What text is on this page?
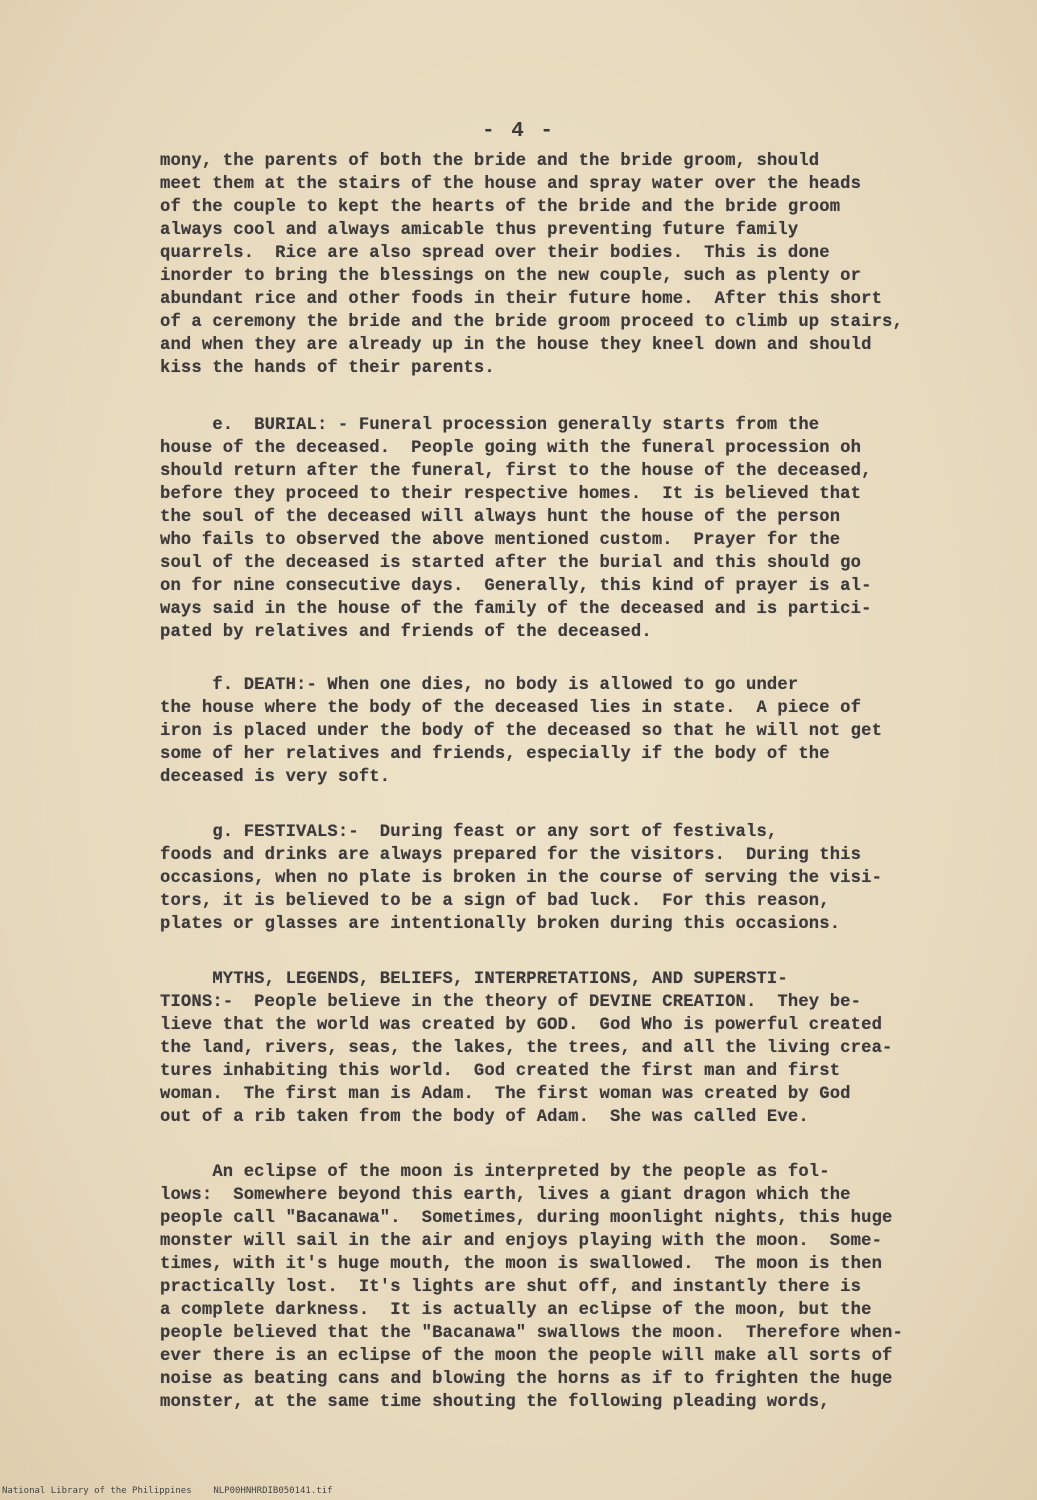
- 4 -
mony, the parents of both the bride and the bride groom, should
meet them at the stairs of the house and spray water over the heads
of the couple to kept the hearts of the bride and the bride groom
always cool and always amicable thus preventing future family
quarrels.  Rice are also spread over their bodies.  This is done
inorder to bring the blessings on the new couple, such as plenty or
abundant rice and other foods in their future home.  After this short
of a ceremony the bride and the bride groom proceed to climb up stairs,
and when they are already up in the house they kneel down and should
kiss the hands of their parents.
e.  BURIAL: - Funeral procession generally starts from the
house of the deceased.  People going with the funeral procession oh
should return after the funeral, first to the house of the deceased,
before they proceed to their respective homes.  It is believed that
the soul of the deceased will always hunt the house of the person
who fails to observed the above mentioned custom.  Prayer for the
soul of the deceased is started after the burial and this should go
on for nine consecutive days.  Generally, this kind of prayer is al-
ways said in the house of the family of the deceased and is partici-
pated by relatives and friends of the deceased.
f. DEATH:- When one dies, no body is allowed to go under
the house where the body of the deceased lies in state.  A piece of
iron is placed under the body of the deceased so that he will not get
some of her relatives and friends, especially if the body of the
deceased is very soft.
g. FESTIVALS:-  During feast or any sort of festivals,
foods and drinks are always prepared for the visitors.  During this
occasions, when no plate is broken in the course of serving the visi-
tors, it is believed to be a sign of bad luck.  For this reason,
plates or glasses are intentionally broken during this occasions.
MYTHS, LEGENDS, BELIEFS, INTERPRETATIONS, AND SUPERSTI-
TIONS:-  People believe in the theory of DEVINE CREATION.  They be-
lieve that the world was created by GOD.  God Who is powerful created
the land, rivers, seas, the lakes, the trees, and all the living crea-
tures inhabiting this world.  God created the first man and first
woman.  The first man is Adam.  The first woman was created by God
out of a rib taken from the body of Adam.  She was called Eve.
An eclipse of the moon is interpreted by the people as fol-
lows:  Somewhere beyond this earth, lives a giant dragon which the
people call "Bacanawa".  Sometimes, during moonlight nights, this huge
monster will sail in the air and enjoys playing with the moon.  Some-
times, with it's huge mouth, the moon is swallowed.  The moon is then
practically lost.  It's lights are shut off, and instantly there is
a complete darkness.  It is actually an eclipse of the moon, but the
people believed that the "Bacanawa" swallows the moon.  Therefore when-
ever there is an eclipse of the moon the people will make all sorts of
noise as beating cans and blowing the horns as if to frighten the huge
monster, at the same time shouting the following pleading words,
National Library of the Philippines    NLP00HNHRDIB050141.tif
